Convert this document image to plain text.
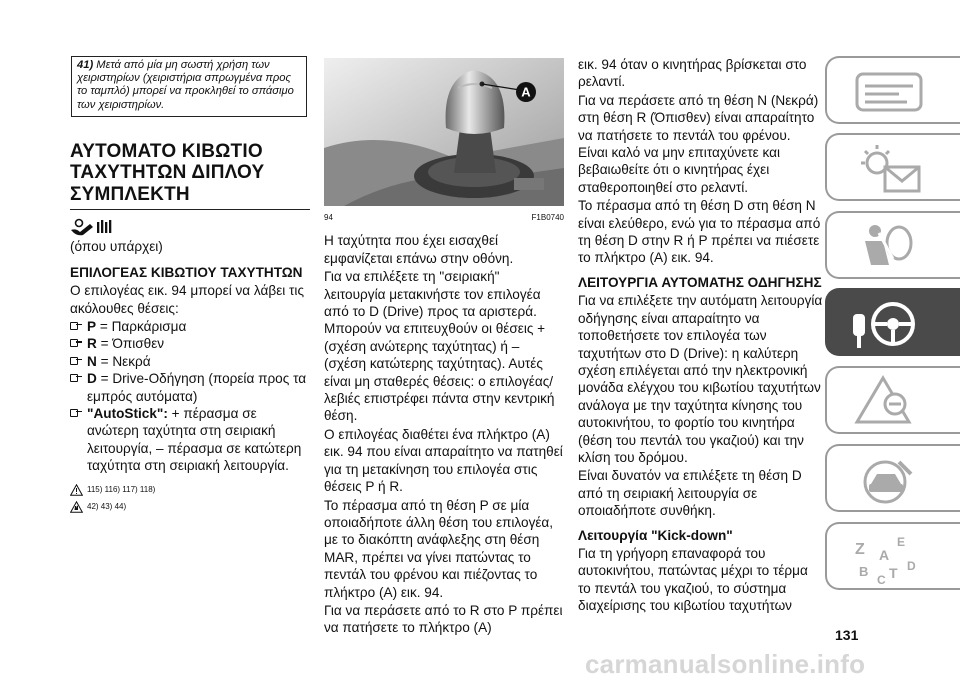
41) Μετά από μία μη σωστή χρήση των χειριστηρίων (χειριστήρια σπρωγμένα προς το ταμπλό) μπορεί να προκληθεί το σπάσιμο των χειριστηρίων.
ΑΥΤΟΜΑΤΟ ΚΙΒΩΤΙΟ
ΤΑΧΥΤΗΤΩΝ ΔΙΠΛΟΥ
ΣΥΜΠΛΕΚΤΗ

(όπου υπάρχει)

ΕΠΙΛΟΓΕΑΣ ΚΙΒΩΤΙΟΥ ΤΑΧΥΤΗΤΩΝ

Ο επιλογέας εικ. 94 μπορεί να λάβει τις ακόλουθες θέσεις:

P = Παρκάρισμα
R = Όπισθεν
N = Νεκρά
D = Drive-Οδήγηση (πορεία προς τα εμπρός αυτόματα)
"AutoStick": + πέρασμα σε ανώτερη ταχύτητα στη σειριακή λειτουργία, – πέρασμα σε κατώτερη ταχύτητα στη σειριακή λειτουργία.
115) 116) 117) 118)
42) 43) 44)
A
94	F1B0740

Η ταχύτητα που έχει εισαχθεί εμφανίζεται επάνω στην οθόνη.

Για να επιλέξετε τη "σειριακή" λειτουργία μετακινήστε τον επιλογέα από το D (Drive) προς τα αριστερά. Μπορούν να επιτευχθούν οι θέσεις + (σχέση ανώτερης ταχύτητας) ή – (σχέση κατώτερης ταχύτητας). Αυτές είναι μη σταθερές θέσεις: ο επιλογέας/λεβιές επιστρέφει πάντα στην κεντρική θέση.

Ο επιλογέας διαθέτει ένα πλήκτρο (A) εικ. 94 που είναι απαραίτητο να πατηθεί για τη μετακίνηση του επιλογέα στις θέσεις P ή R.

Το πέρασμα από τη θέση P σε μία οποιαδήποτε άλλη θέση του επιλογέα, με το διακόπτη ανάφλεξης στη θέση MAR, πρέπει να γίνει πατώντας το πεντάλ του φρένου και πιέζοντας το πλήκτρο (A) εικ. 94.

Για να περάσετε από το R στο P πρέπει να πατήσετε το πλήκτρο (A)

εικ. 94 όταν ο κινητήρας βρίσκεται στο ρελαντί.

Για να περάσετε από τη θέση N (Νεκρά) στη θέση R (Όπισθεν) είναι απαραίτητο να πατήσετε το πεντάλ του φρένου. Είναι καλό να μην επιταχύνετε και βεβαιωθείτε ότι ο κινητήρας έχει σταθεροποιηθεί στο ρελαντί.

Το πέρασμα από τη θέση D στη θέση N είναι ελεύθερο, ενώ για το πέρασμα από τη θέση D στην R ή P πρέπει να πιέσετε το πλήκτρο (A) εικ. 94.

ΛΕΙΤΟΥΡΓΙΑ ΑΥΤΟΜΑΤΗΣ ΟΔΗΓΗΣΗΣ

Για να επιλέξετε την αυτόματη λειτουργία οδήγησης είναι απαραίτητο να τοποθετήσετε τον επιλογέα των ταχυτήτων στο D (Drive): η καλύτερη σχέση επιλέγεται από την ηλεκτρονική μονάδα ελέγχου του κιβωτίου ταχυτήτων ανάλογα με την ταχύτητα κίνησης του αυτοκινήτου, το φορτίο του κινητήρα (θέση του πεντάλ του γκαζιού) και την κλίση του δρόμου.

Είναι δυνατόν να επιλέξετε τη θέση D από τη σειριακή λειτουργία σε οποιαδήποτε συνθήκη.

Λειτουργία "Kick-down"

Για τη γρήγορη επαναφορά του αυτοκινήτου, πατώντας μέχρι το τέρμα το πεντάλ του γκαζιού, το σύστημα διαχείρισης του κιβωτίου ταχυτήτων

Z	E
A
B
C T D
131
carmanualsonline.info
